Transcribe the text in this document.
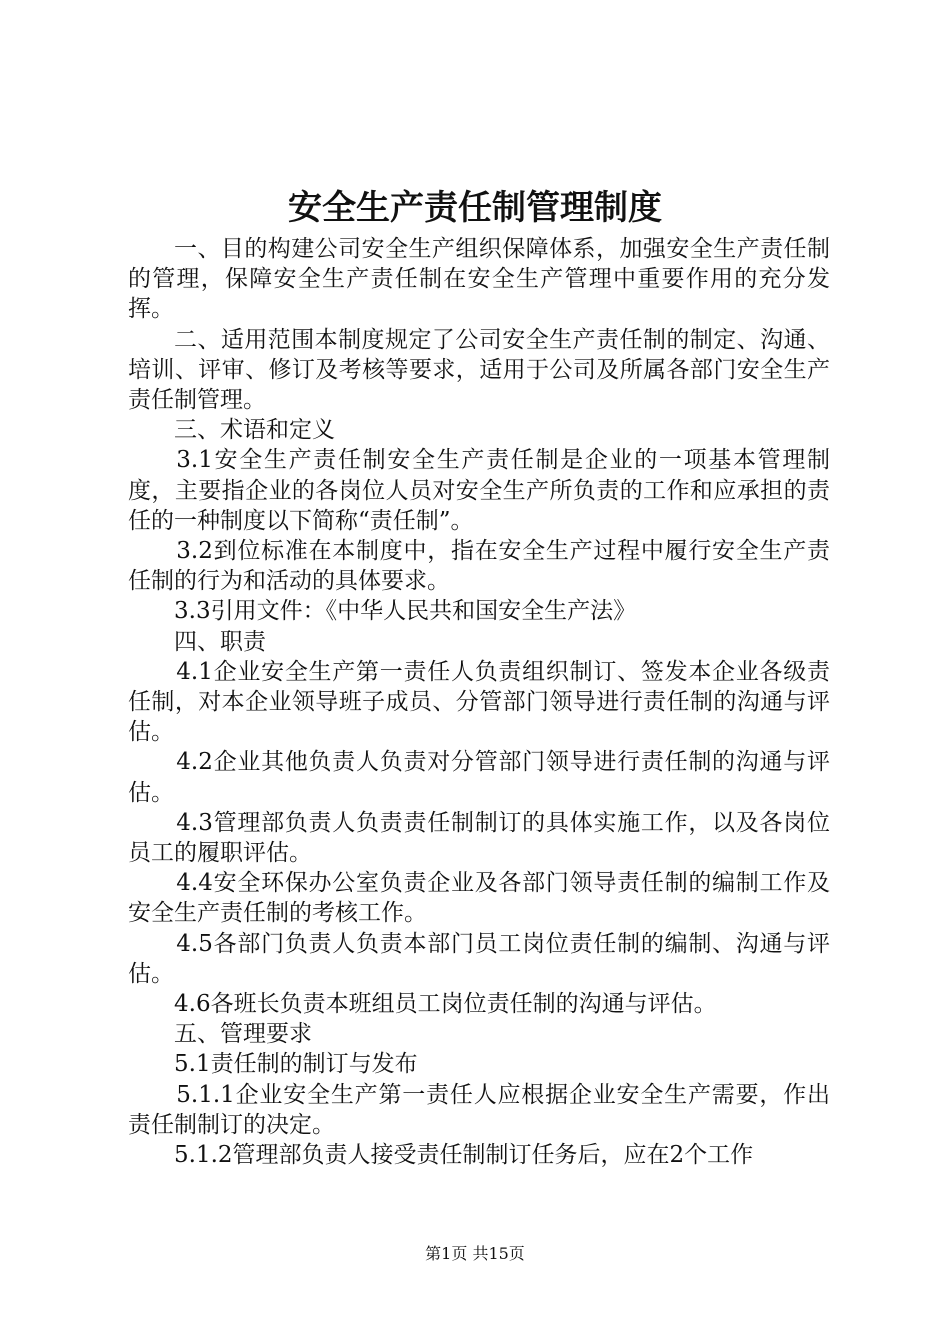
安全生产责任制管理制度

一、目的构建公司安全生产组织保障体系，加强安全生产责任制的管理，保障安全生产责任制在安全生产管理中重要作用的充分发挥。

二、适用范围本制度规定了公司安全生产责任制的制定、沟通、培训、评审、修订及考核等要求，适用于公司及所属各部门安全生产责任制管理。

三、术语和定义

3.1安全生产责任制安全生产责任制是企业的一项基本管理制度，主要指企业的各岗位人员对安全生产所负责的工作和应承担的责任的一种制度以下简称“责任制”。

3.2到位标准在本制度中，指在安全生产过程中履行安全生产责任制的行为和活动的具体要求。

3.3引用文件：《中华人民共和国安全生产法》

四、职责

4.1企业安全生产第一责任人负责组织制订、签发本企业各级责任制，对本企业领导班子成员、分管部门领导进行责任制的沟通与评估。

4.2企业其他负责人负责对分管部门领导进行责任制的沟通与评估。

4.3管理部负责人负责责任制制订的具体实施工作，以及各岗位员工的履职评估。

4.4安全环保办公室负责企业及各部门领导责任制的编制工作及安全生产责任制的考核工作。

4.5各部门负责人负责本部门员工岗位责任制的编制、沟通与评估。

4.6各班长负责本班组员工岗位责任制的沟通与评估。

五、管理要求

5.1责任制的制订与发布

5.1.1企业安全生产第一责任人应根据企业安全生产需要，作出责任制制订的决定。

5.1.2管理部负责人接受责任制制订任务后，应在2个工作

第1页 共15页
